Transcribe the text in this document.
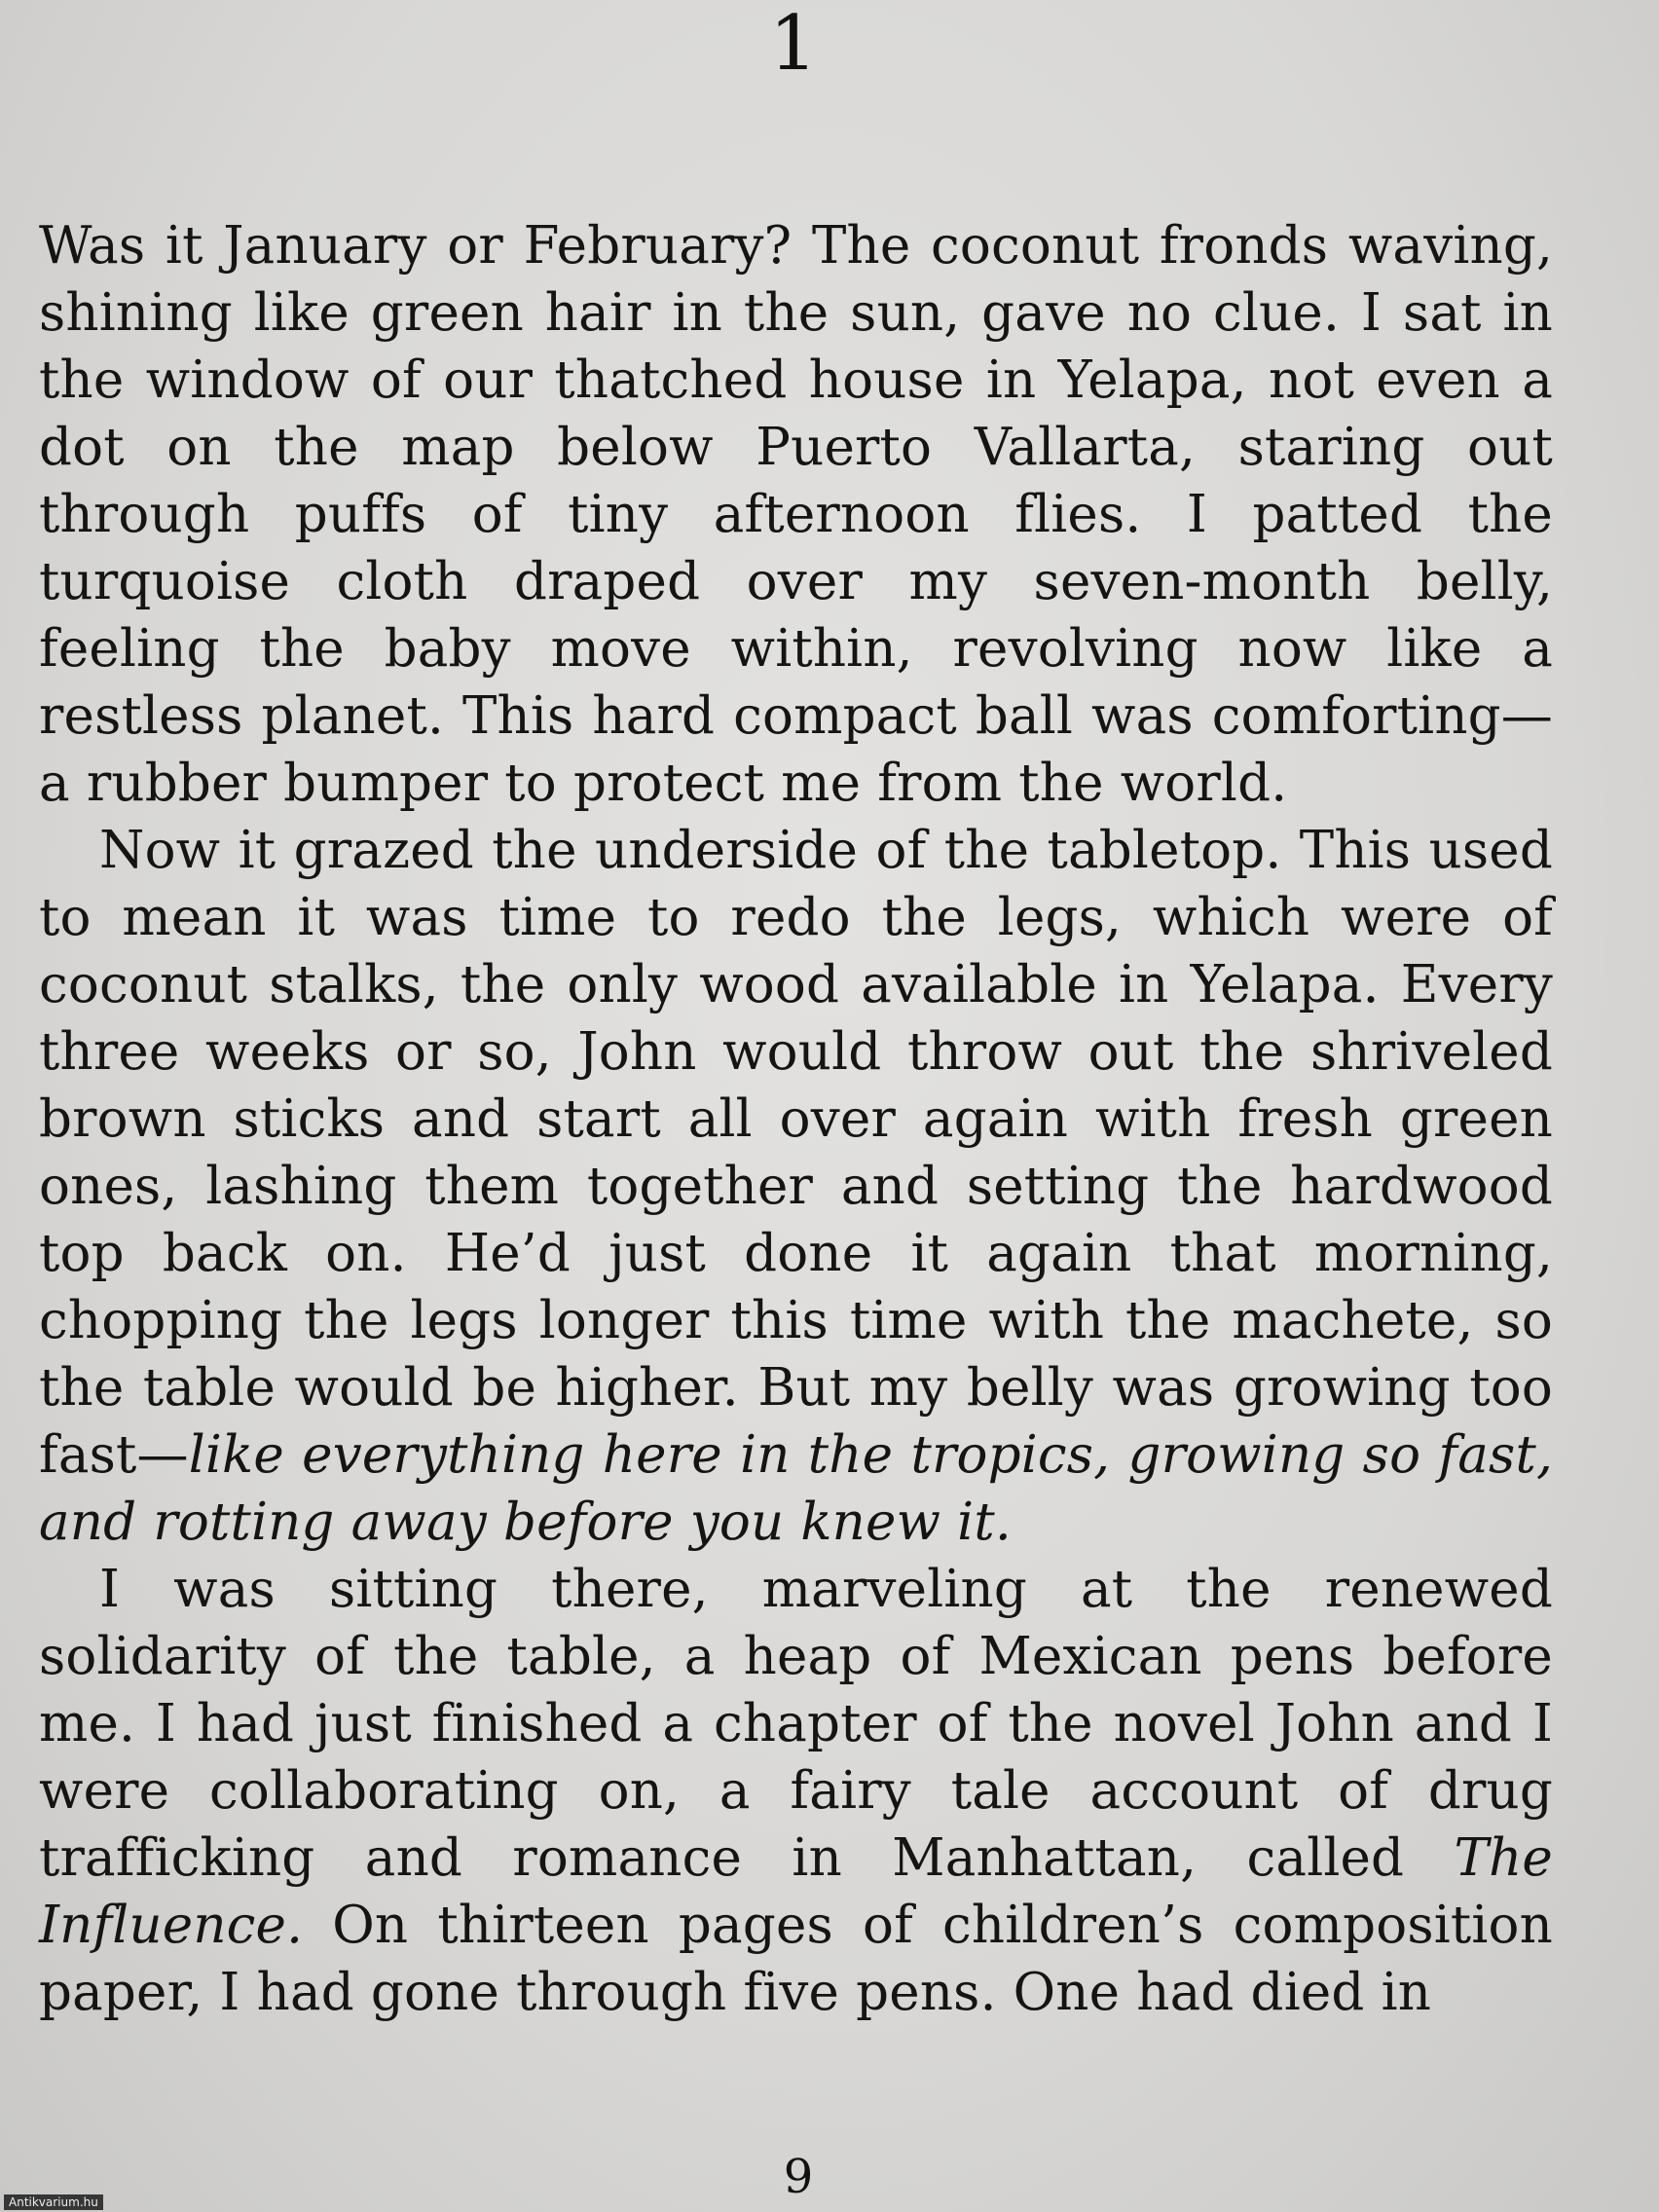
1

Was it January or February? The coconut fronds waving, shining like green hair in the sun, gave no clue. I sat in the window of our thatched house in Yelapa, not even a dot on the map below Puerto Vallarta, staring out through puffs of tiny afternoon flies. I patted the turquoise cloth draped over my seven-month belly, feeling the baby move within, revolving now like a restless planet. This hard compact ball was comforting—a rubber bumper to protect me from the world.

Now it grazed the underside of the tabletop. This used to mean it was time to redo the legs, which were of coconut stalks, the only wood available in Yelapa. Every three weeks or so, John would throw out the shriveled brown sticks and start all over again with fresh green ones, lashing them together and setting the hardwood top back on. He’d just done it again that morning, chopping the legs longer this time with the machete, so the table would be higher. But my belly was growing too fast—like everything here in the tropics, growing so fast, and rotting away before you knew it.

I was sitting there, marveling at the renewed solidarity of the table, a heap of Mexican pens before me. I had just finished a chapter of the novel John and I were collaborating on, a fairy tale account of drug trafficking and romance in Manhattan, called The Influence. On thirteen pages of children’s composition paper, I had gone through five pens. One had died in

9
Antikvarium.hu
